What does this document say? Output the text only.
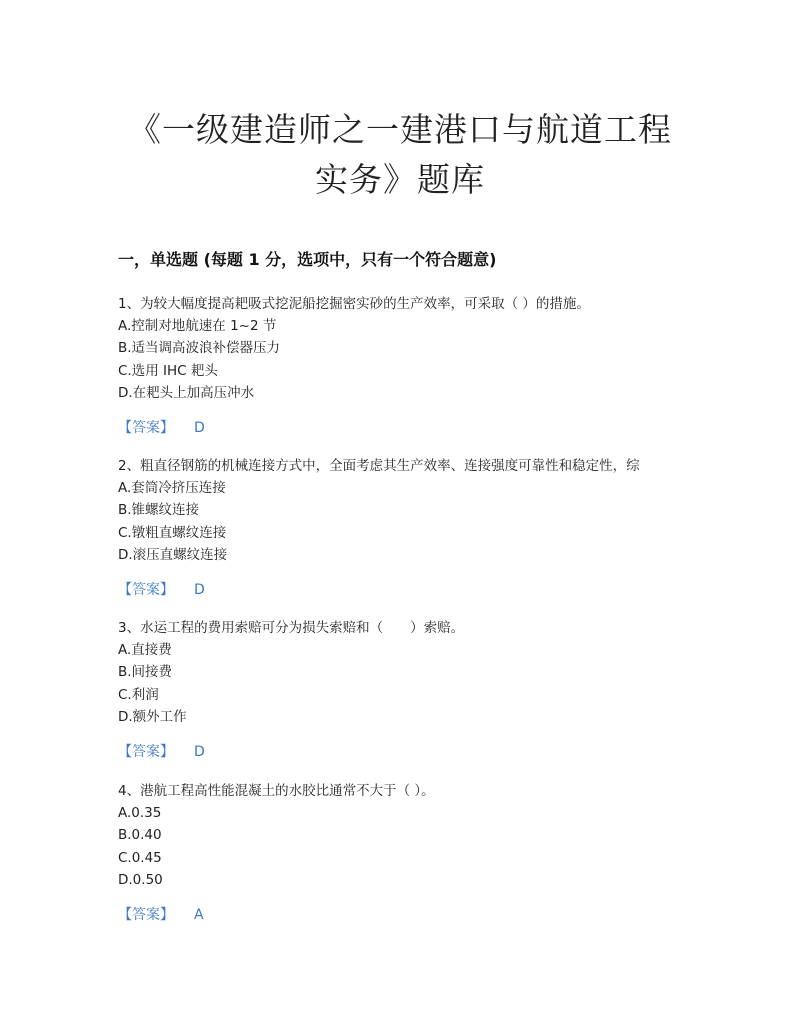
《一级建造师之一建港口与航道工程
实务》题库
一，单选题 (每题 1 分，选项中，只有一个符合题意)
1、为较大幅度提高耙吸式挖泥船挖掘密实砂的生产效率，可采取（ ）的措施。
A.控制对地航速在 1~2 节
B.适当调高波浪补偿器压力
C.选用 IHC 耙头
D.在耙头上加高压冲水
【答案】 D
2、粗直径钢筋的机械连接方式中，全面考虑其生产效率、连接强度可靠性和稳定性，综
A.套筒冷挤压连接
B.锥螺纹连接
C.镦粗直螺纹连接
D.滚压直螺纹连接
【答案】 D
3、水运工程的费用索赔可分为损失索赔和（　　）索赔。
A.直接费
B.间接费
C.利润
D.额外工作
【答案】 D
4、港航工程高性能混凝土的水胶比通常不大于（ ）。
A.0.35
B.0.40
C.0.45
D.0.50
【答案】 A
